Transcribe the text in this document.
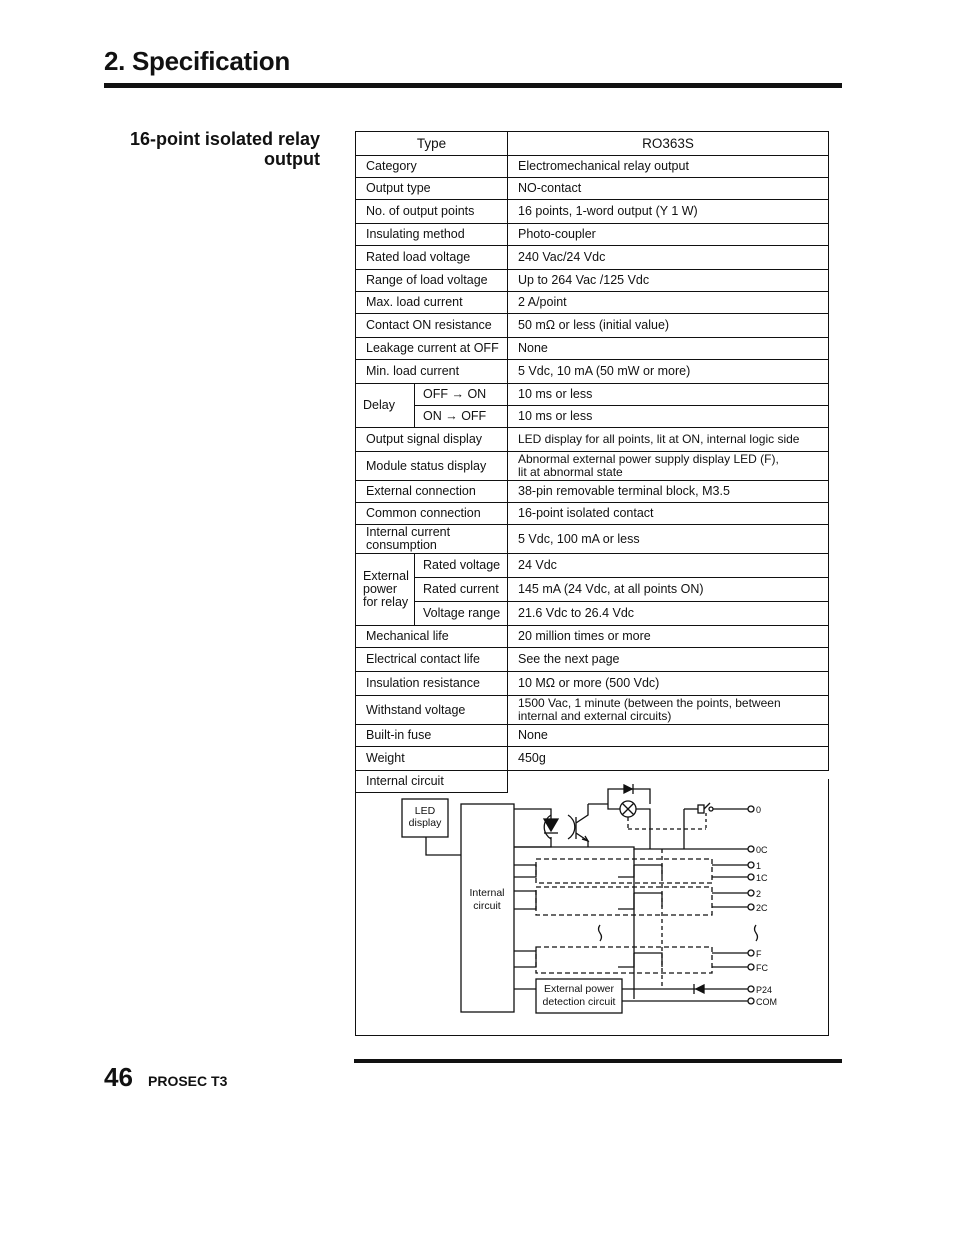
2. Specification
16-point isolated relay
output
Type		RO363S
Category		Electromechanical relay output
Output type		NO-contact
No. of output points		16 points, 1-word output (Y 1 W)
Insulating method		Photo-coupler
Rated load voltage		240 Vac/24 Vdc
Range of load voltage		Up to 264 Vac /125 Vdc
Max. load current		2 A/point
Contact ON resistance		50 mΩ or less (initial value)
Leakage current at OFF		None
Min. load current		5 Vdc, 10 mA (50 mW or more)
Delay	OFF → ON	10 ms or less
	ON → OFF	10 ms or less
Output signal display		LED display for all points, lit at ON, internal logic side
Module status display		Abnormal external power supply display LED (F),
lit at abnormal state

External connection		38-pin removable terminal block, M3.5
Common connection		16-point isolated contact

Internal current
consumption		5 Vdc, 100 mA or less

External
power
for relay	Rated voltage	24 Vdc
	Rated current	145 mA (24 Vdc, at all points ON)
	Voltage range	21.6 Vdc to 26.4 Vdc
Mechanical life		20 million times or more
Electrical contact life		See the next page
Insulation resistance		10 MΩ or more (500 Vdc)
Withstand voltage		1500 Vac, 1 minute (between the points, between
internal and external circuits)

Built-in fuse		None
Weight		450g
Internal circuit		
LED
display
Internal
circuit
External power
detection circuit
0
0C
1
1C
2
2C
F
FC
P24
COM
46 PROSEC T3
